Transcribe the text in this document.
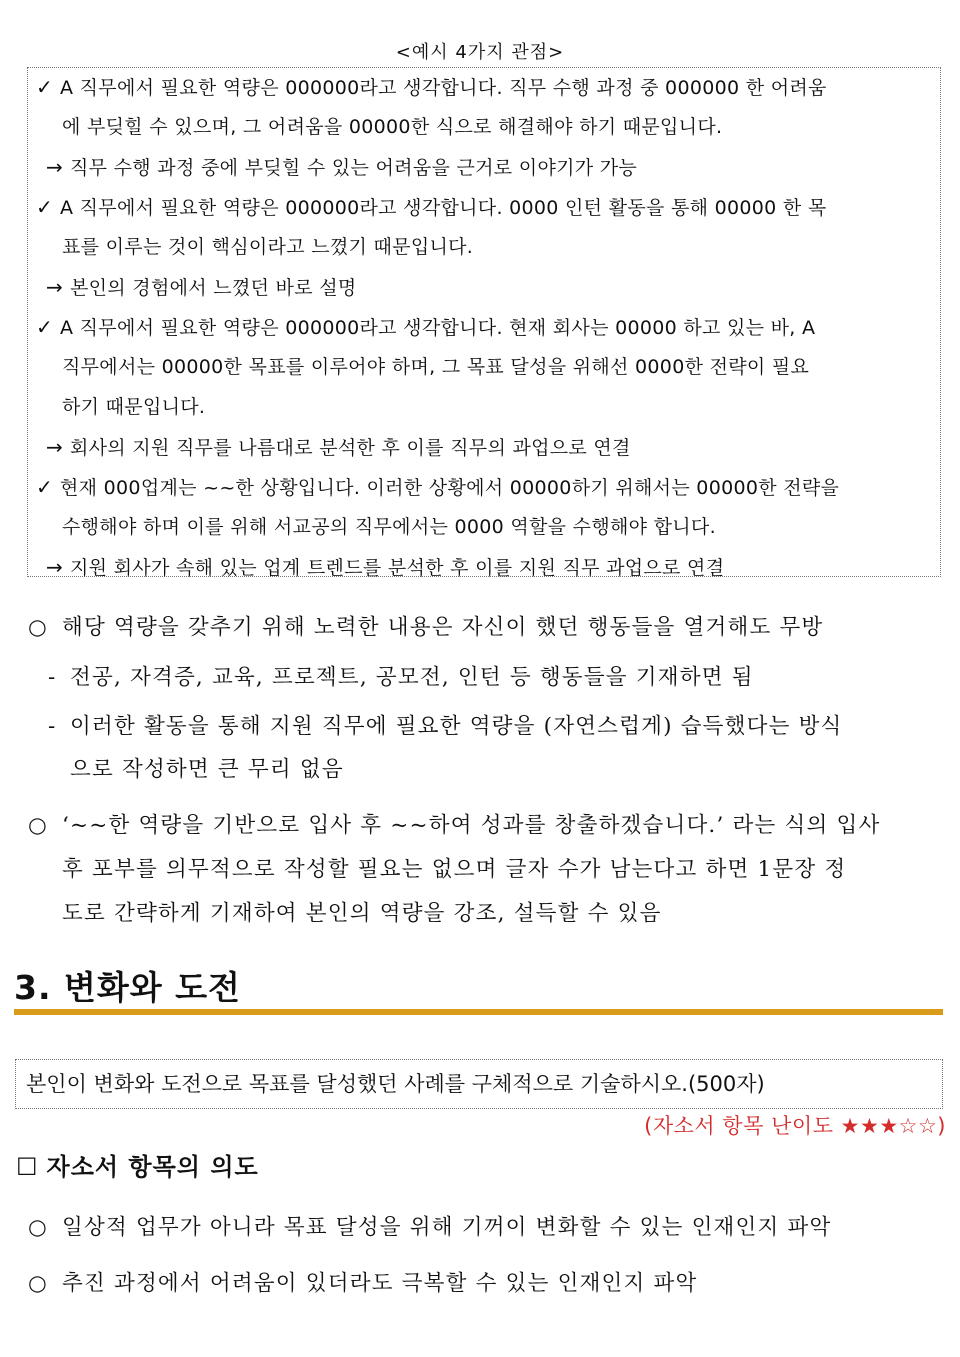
<예시 4가지 관점>
✓ A 직무에서 필요한 역량은 000000라고 생각합니다. 직무 수행 과정 중 000000 한 어려움
에 부딪힐 수 있으며, 그 어려움을 00000한 식으로 해결해야 하기 때문입니다.
→ 직무 수행 과정 중에 부딪힐 수 있는 어려움을 근거로 이야기가 가능
✓ A 직무에서 필요한 역량은 000000라고 생각합니다. 0000 인턴 활동을 통해 00000 한 목
표를 이루는 것이 핵심이라고 느꼈기 때문입니다.
→ 본인의 경험에서 느꼈던 바로 설명
✓ A 직무에서 필요한 역량은 000000라고 생각합니다. 현재 회사는 00000 하고 있는 바, A
직무에서는 00000한 목표를 이루어야 하며, 그 목표 달성을 위해선 0000한 전략이 필요
하기 때문입니다.
→ 회사의 지원 직무를 나름대로 분석한 후 이를 직무의 과업으로 연결
✓ 현재 000업계는 ~~한 상황입니다. 이러한 상황에서 00000하기 위해서는 00000한 전략을
수행해야 하며 이를 위해 서교공의 직무에서는 0000 역할을 수행해야 합니다.
→ 지원 회사가 속해 있는 업계 트렌드를 분석한 후 이를 지원 직무 과업으로 연결
○ 해당 역량을 갖추기 위해 노력한 내용은 자신이 했던 행동들을 열거해도 무방
- 전공, 자격증, 교육, 프로젝트, 공모전, 인턴 등 행동들을 기재하면 됨
- 이러한 활동을 통해 지원 직무에 필요한 역량을 (자연스럽게) 습득했다는 방식
으로 작성하면 큰 무리 없음
○ ‘~~한 역량을 기반으로 입사 후 ~~하여 성과를 창출하겠습니다.’ 라는 식의 입사
후 포부를 의무적으로 작성할 필요는 없으며 글자 수가 남는다고 하면 1문장 정
도로 간략하게 기재하여 본인의 역량을 강조, 설득할 수 있음
3. 변화와 도전
본인이 변화와 도전으로 목표를 달성했던 사례를 구체적으로 기술하시오.(500자)
(자소서 항목 난이도 ★★★☆☆)
☐ 자소서 항목의 의도
○ 일상적 업무가 아니라 목표 달성을 위해 기꺼이 변화할 수 있는 인재인지 파악
○ 추진 과정에서 어려움이 있더라도 극복할 수 있는 인재인지 파악
